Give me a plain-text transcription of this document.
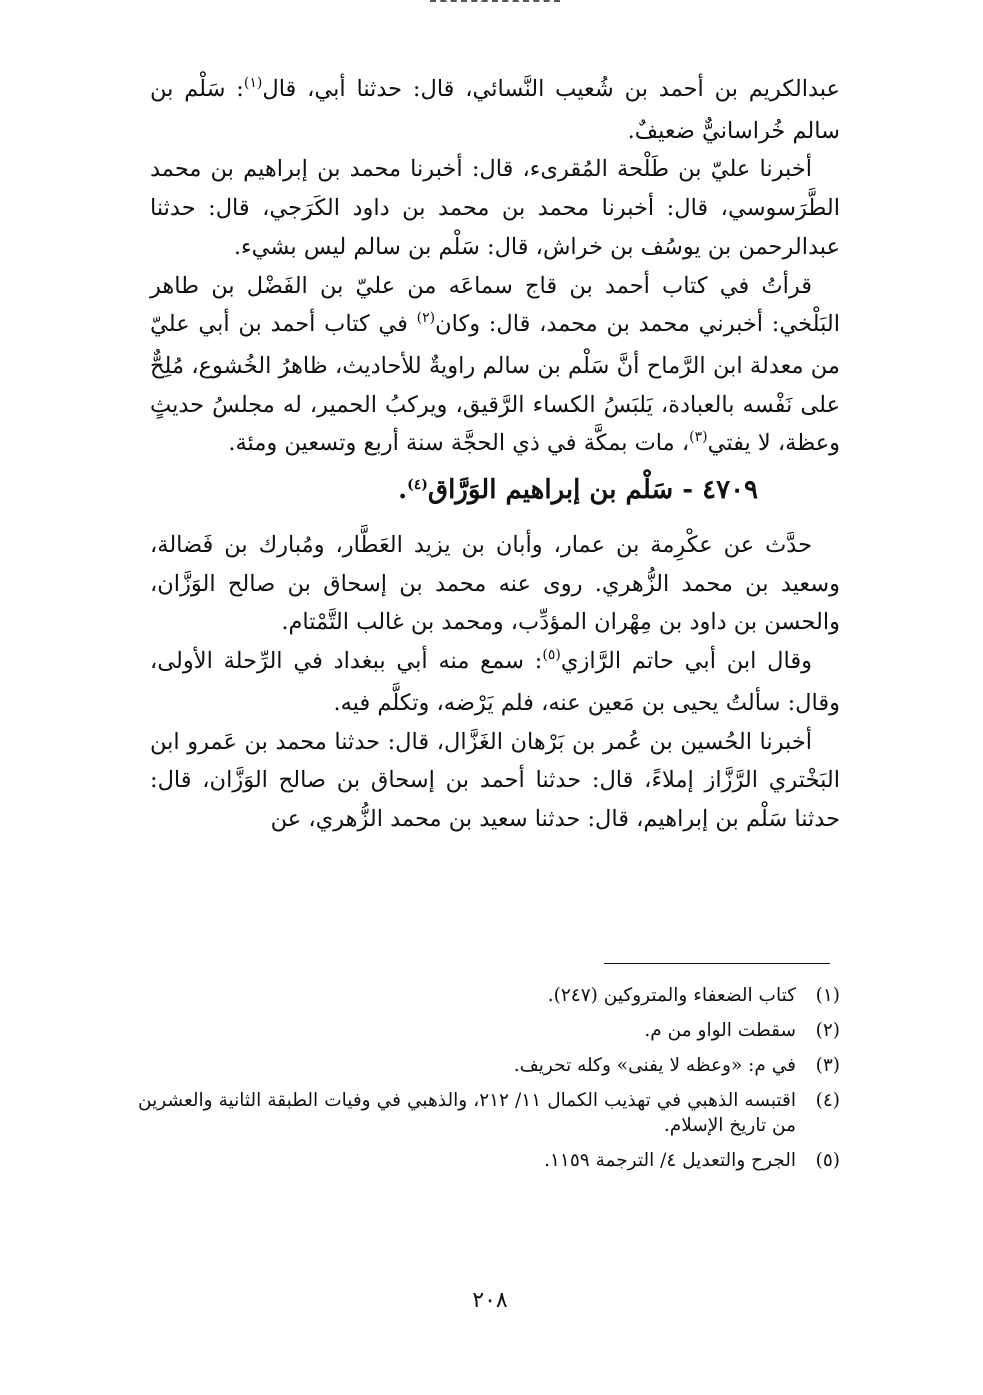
عبدالكريم بن أحمد بن شُعيب النَّسائي، قال: حدثنا أبي، قال$^{(١)}$: سَلْم بن سالم خُراسانيٌّ ضعيفٌ.

أخبرنا عليّ بن طَلْحة المُقرىء، قال: أخبرنا محمد بن إبراهيم بن محمد الطَّرَسوسي، قال: أخبرنا محمد بن محمد بن داود الكَرَجي، قال: حدثنا عبدالرحمن بن يوسُف بن خراش، قال: سَلْم بن سالم ليس بشيء.

قرأتُ في كتاب أحمد بن قاج سماعَه من عليّ بن الفَضْل بن طاهر البَلْخي: أخبرني محمد بن محمد، قال: وكان$^{(٢)}$ في كتاب أحمد بن أبي عليّ من معدلة ابن الرَّماح أنَّ سَلْم بن سالم راويةٌ للأحاديث، ظاهرُ الخُشوع، مُلِحٌّ على نَفْسه بالعبادة، يَلبَسُ الكساء الرَّقيق، ويركبُ الحمير، له مجلسُ حديثٍ وعظة، لا يفتي$^{(٣)}$، مات بمكَّة في ذي الحجَّة سنة أربع وتسعين ومئة.

٤٧٠٩ - سَلْم بن إبراهيم الوَرَّاق$^{(٤)}$.

حدَّث عن عكْرِمة بن عمار، وأبان بن يزيد العَطَّار، ومُبارك بن فَضالة، وسعيد بن محمد الزُّهري. روى عنه محمد بن إسحاق بن صالح الوَزَّان، والحسن بن داود بن مِهْران المؤدِّب، ومحمد بن غالب التَّمْتام.

وقال ابن أبي حاتم الرَّازي$^{(٥)}$: سمع منه أبي ببغداد في الرِّحلة الأولى، وقال: سألتُ يحيى بن مَعين عنه، فلم يَرْضه، وتكلَّم فيه.

أخبرنا الحُسين بن عُمر بن بَرْهان الغَزَّال، قال: حدثنا محمد بن عَمرو ابن البَخْتري الرَّزَّاز إملاءً، قال: حدثنا أحمد بن إسحاق بن صالح الوَزَّان، قال: حدثنا سَلْم بن إبراهيم، قال: حدثنا سعيد بن محمد الزُّهري، عن

(١)
كتاب الضعفاء والمتروكين (٢٤٧).
(٢)
سقطت الواو من م.
(٣)
في م: «وعظه لا يفنى» وكله تحريف.
(٤)
اقتبسه الذهبي في تهذيب الكمال ١١/ ٢١٢، والذهبي في وفيات الطبقة الثانية والعشرين من تاريخ الإسلام.
(٥)
الجرح والتعديل ٤/ الترجمة ١١٥٩.
٢٠٨
